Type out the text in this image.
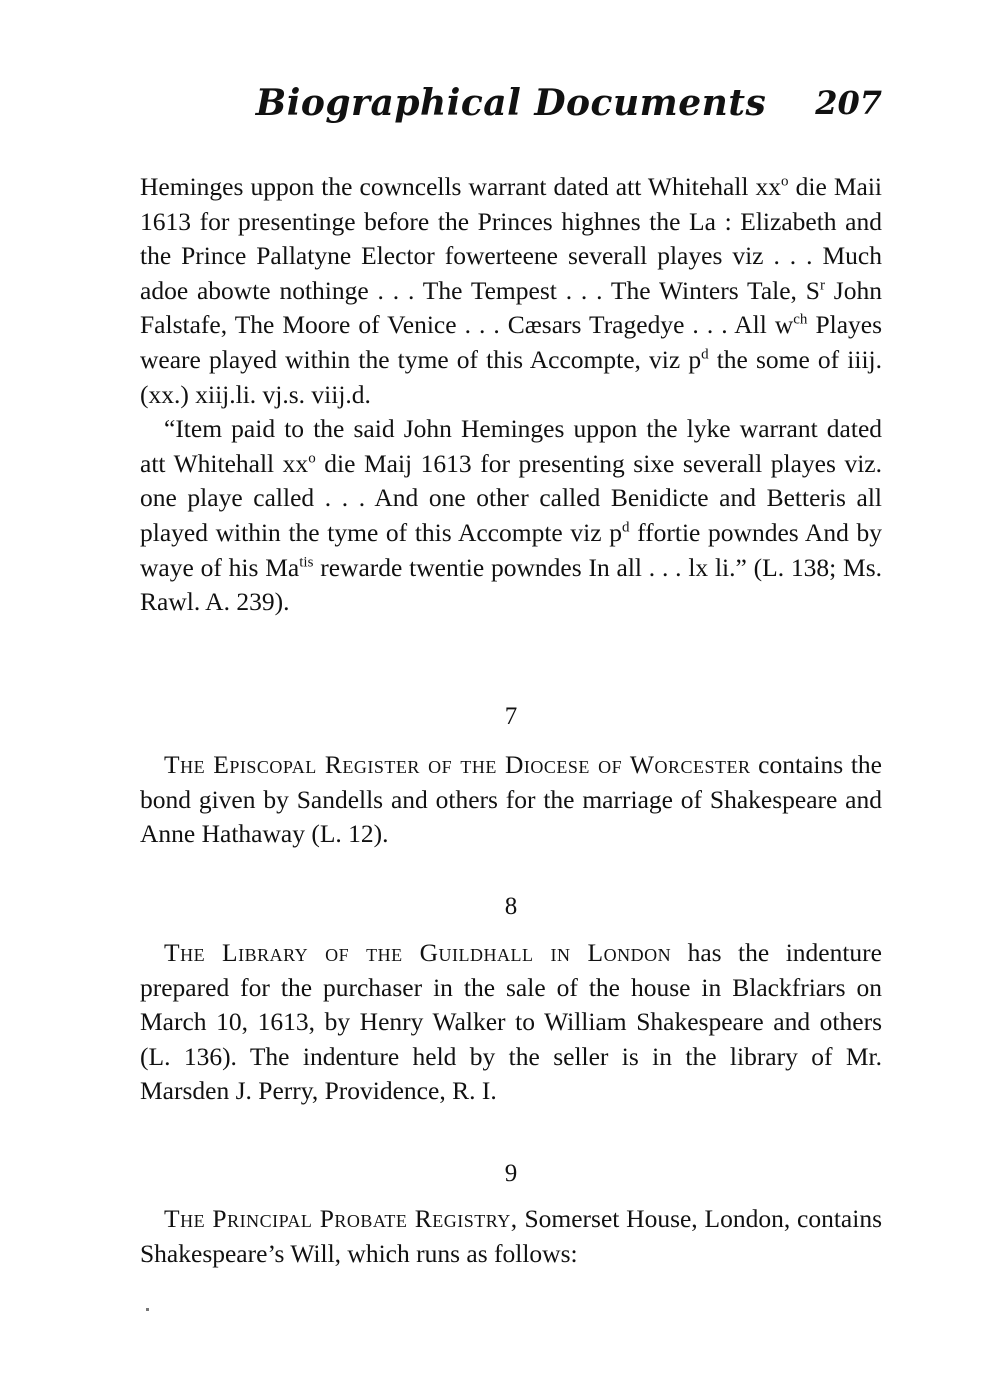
Biographical Documents	207

Heminges uppon the cowncells warrant dated att Whitehall $xx^o$ die Maii 1613 for presentinge before the Princes highnes the La : Elizabeth and the Prince Pallatyne Elector fowerteene severall playes viz . . . Much adoe abowte nothinge . . . The Tempest . . . The Winters Tale, $S^r$ John Falstafe, The Moore of Venice . . . Cæsars Tragedye . . . All $w^{ch}$ Playes weare played within the tyme of this Accompte, viz $p^d$ the some of iiij. (xx.) xiij.li. vj.s. viij.d.

“Item paid to the said John Heminges uppon the lyke warrant dated att Whitehall $xx^o$ die Maij 1613 for presenting sixe severall playes viz. one playe called . . . And one other called Benidicte and Betteris all played within the tyme of this Accompte viz $p^d$ ffortie powndes And by waye of his $Ma^{tis}$ rewarde twentie powndes In all . . . lx li.” (L. 138; Ms. Rawl. A. 239).

7

The Episcopal Register of the Diocese of Worcester contains the bond given by Sandells and others for the marriage of Shakespeare and Anne Hathaway (L. 12).

8

The Library of the Guildhall in London has the indenture prepared for the purchaser in the sale of the house in Blackfriars on March 10, 1613, by Henry Walker to William Shakespeare and others (L. 136). The indenture held by the seller is in the library of Mr. Marsden J. Perry, Providence, R. I.

9

The Principal Probate Registry, Somerset House, London, contains Shakespeare’s Will, which runs as follows:
